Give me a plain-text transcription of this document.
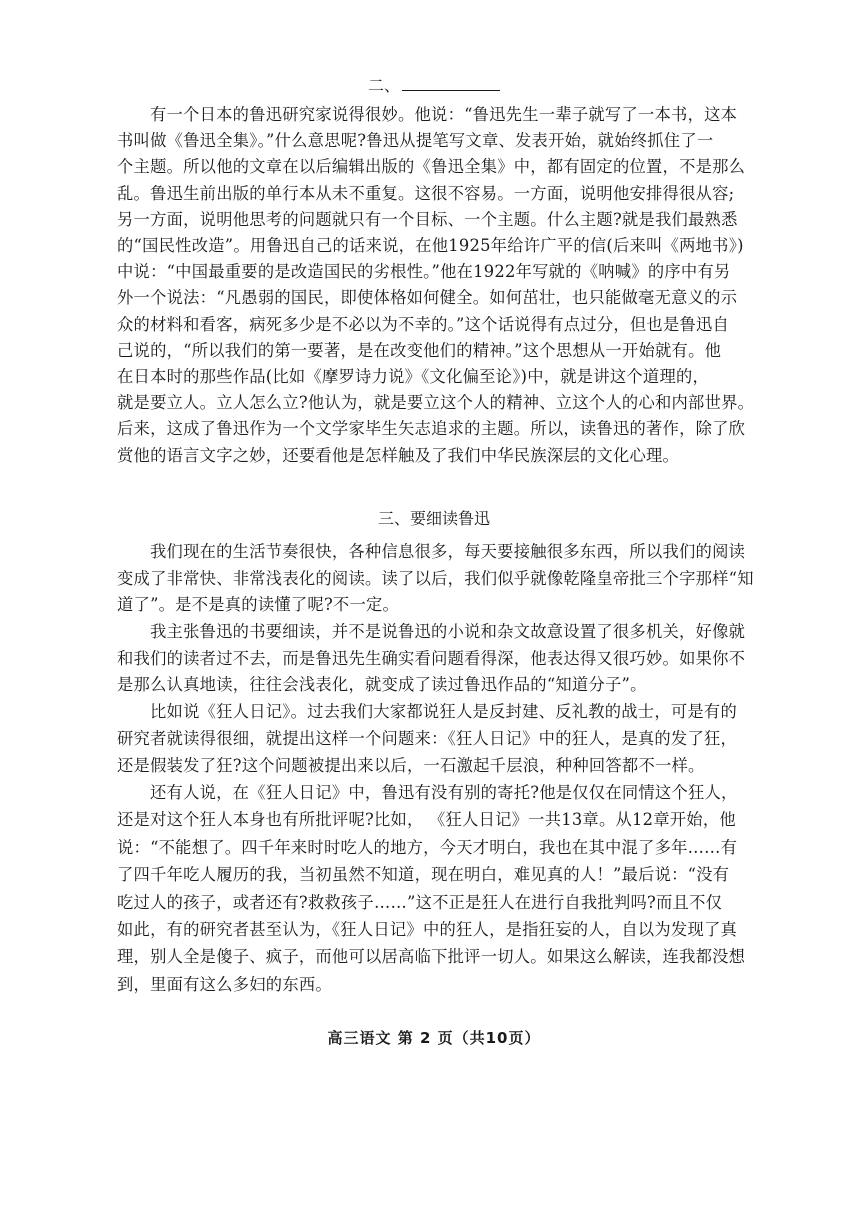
二、
有一个日本的鲁迅研究家说得很妙。他说：“鲁迅先生一辈子就写了一本书，这本
书叫做《鲁迅全集》。”什么意思呢?鲁迅从提笔写文章、发表开始，就始终抓住了一
个主题。所以他的文章在以后编辑出版的《鲁迅全集》中，都有固定的位置，不是那么
乱。鲁迅生前出版的单行本从未不重复。这很不容易。一方面，说明他安排得很从容;
另一方面，说明他思考的问题就只有一个目标、一个主题。什么主题?就是我们最熟悉
的“国民性改造”。用鲁迅自己的话来说，在他1925年给许广平的信(后来叫《两地书》)
中说：“中国最重要的是改造国民的劣根性。”他在1922年写就的《呐喊》的序中有另
外一个说法：“凡愚弱的国民，即使体格如何健全。如何茁壮，也只能做毫无意义的示
众的材料和看客，病死多少是不必以为不幸的。”这个话说得有点过分，但也是鲁迅自
己说的，“所以我们的第一要著，是在改变他们的精神。”这个思想从一开始就有。他
在日本时的那些作品(比如《摩罗诗力说》《文化偏至论》)中，就是讲这个道理的，
就是要立人。立人怎么立?他认为，就是要立这个人的精神、立这个人的心和内部世界。
后来，这成了鲁迅作为一个文学家毕生矢志追求的主题。所以，读鲁迅的著作，除了欣
赏他的语言文字之妙，还要看他是怎样触及了我们中华民族深层的文化心理。
三、要细读鲁迅
我们现在的生活节奏很快，各种信息很多，每天要接触很多东西，所以我们的阅读
变成了非常快、非常浅表化的阅读。读了以后，我们似乎就像乾隆皇帝批三个字那样“知
道了”。是不是真的读懂了呢?不一定。
我主张鲁迅的书要细读，并不是说鲁迅的小说和杂文故意设置了很多机关，好像就
和我们的读者过不去，而是鲁迅先生确实看问题看得深，他表达得又很巧妙。如果你不
是那么认真地读，往往会浅表化，就变成了读过鲁迅作品的“知道分子”。
比如说《狂人日记》。过去我们大家都说狂人是反封建、反礼教的战士，可是有的
研究者就读得很细，就提出这样一个问题来：《狂人日记》中的狂人，是真的发了狂，
还是假装发了狂?这个问题被提出来以后，一石激起千层浪，种种回答都不一样。
还有人说，在《狂人日记》中，鲁迅有没有别的寄托?他是仅仅在同情这个狂人，
还是对这个狂人本身也有所批评呢?比如， 《狂人日记》一共13章。从12章开始，他
说：“不能想了。四千年来时时吃人的地方，今天才明白，我也在其中混了多年……有
了四千年吃人履历的我，当初虽然不知道，现在明白，难见真的人！”最后说：“没有
吃过人的孩子，或者还有?救救孩子……”这不正是狂人在进行自我批判吗?而且不仅
如此，有的研究者甚至认为，《狂人日记》中的狂人，是指狂妄的人，自以为发现了真
理，别人全是傻子、疯子，而他可以居高临下批评一切人。如果这么解读，连我都没想
到，里面有这么多妇的东西。
高三语文 第 2 页（共10页）
